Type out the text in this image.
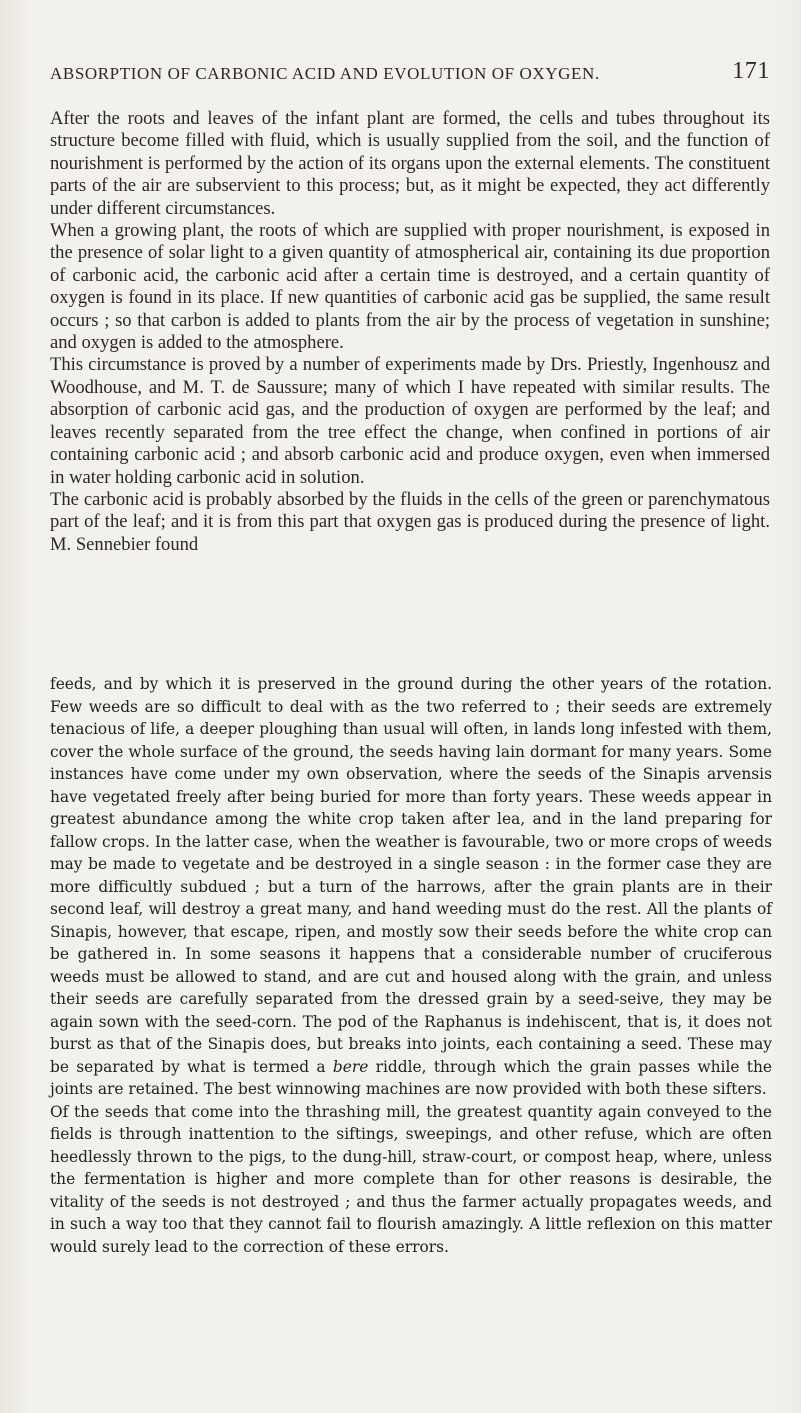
ABSORPTION OF CARBONIC ACID AND EVOLUTION OF OXYGEN.	171

After the roots and leaves of the infant plant are formed, the cells and tubes throughout its structure become filled with fluid, which is usually supplied from the soil, and the function of nourishment is performed by the action of its organs upon the external elements. The constituent parts of the air are subservient to this process; but, as it might be expected, they act differently under different circumstances.

When a growing plant, the roots of which are supplied with proper nourishment, is exposed in the presence of solar light to a given quantity of atmospherical air, containing its due proportion of carbonic acid, the carbonic acid after a certain time is destroyed, and a certain quantity of oxygen is found in its place. If new quantities of carbonic acid gas be supplied, the same result occurs ; so that carbon is added to plants from the air by the process of vegetation in sunshine; and oxygen is added to the atmosphere.

This circumstance is proved by a number of experiments made by Drs. Priestly, Ingenhousz and Woodhouse, and M. T. de Saussure; many of which I have repeated with similar results. The absorption of carbonic acid gas, and the production of oxygen are performed by the leaf; and leaves recently separated from the tree effect the change, when confined in portions of air containing carbonic acid ; and absorb carbonic acid and produce oxygen, even when immersed in water holding carbonic acid in solution.

The carbonic acid is probably absorbed by the fluids in the cells of the green or parenchymatous part of the leaf; and it is from this part that oxygen gas is produced during the presence of light. M. Sennebier found

feeds, and by which it is preserved in the ground during the other years of the rotation. Few weeds are so difficult to deal with as the two referred to ; their seeds are extremely tenacious of life, a deeper ploughing than usual will often, in lands long infested with them, cover the whole surface of the ground, the seeds having lain dormant for many years. Some instances have come under my own observation, where the seeds of the Sinapis arvensis have vegetated freely after being buried for more than forty years. These weeds appear in greatest abundance among the white crop taken after lea, and in the land preparing for fallow crops. In the latter case, when the weather is favourable, two or more crops of weeds may be made to vegetate and be destroyed in a single season : in the former case they are more difficultly subdued ; but a turn of the harrows, after the grain plants are in their second leaf, will destroy a great many, and hand weeding must do the rest. All the plants of Sinapis, however, that escape, ripen, and mostly sow their seeds before the white crop can be gathered in. In some seasons it happens that a considerable number of cruciferous weeds must be allowed to stand, and are cut and housed along with the grain, and unless their seeds are carefully separated from the dressed grain by a seed-seive, they may be again sown with the seed-corn. The pod of the Raphanus is indehiscent, that is, it does not burst as that of the Sinapis does, but breaks into joints, each containing a seed. These may be separated by what is termed a bere riddle, through which the grain passes while the joints are retained. The best winnowing machines are now provided with both these sifters.

Of the seeds that come into the thrashing mill, the greatest quantity again conveyed to the fields is through inattention to the siftings, sweepings, and other refuse, which are often heedlessly thrown to the pigs, to the dung-hill, straw-court, or compost heap, where, unless the fermentation is higher and more complete than for other reasons is desirable, the vitality of the seeds is not destroyed ; and thus the farmer actually propagates weeds, and in such a way too that they cannot fail to flourish amazingly. A little reflexion on this matter would surely lead to the correction of these errors.
